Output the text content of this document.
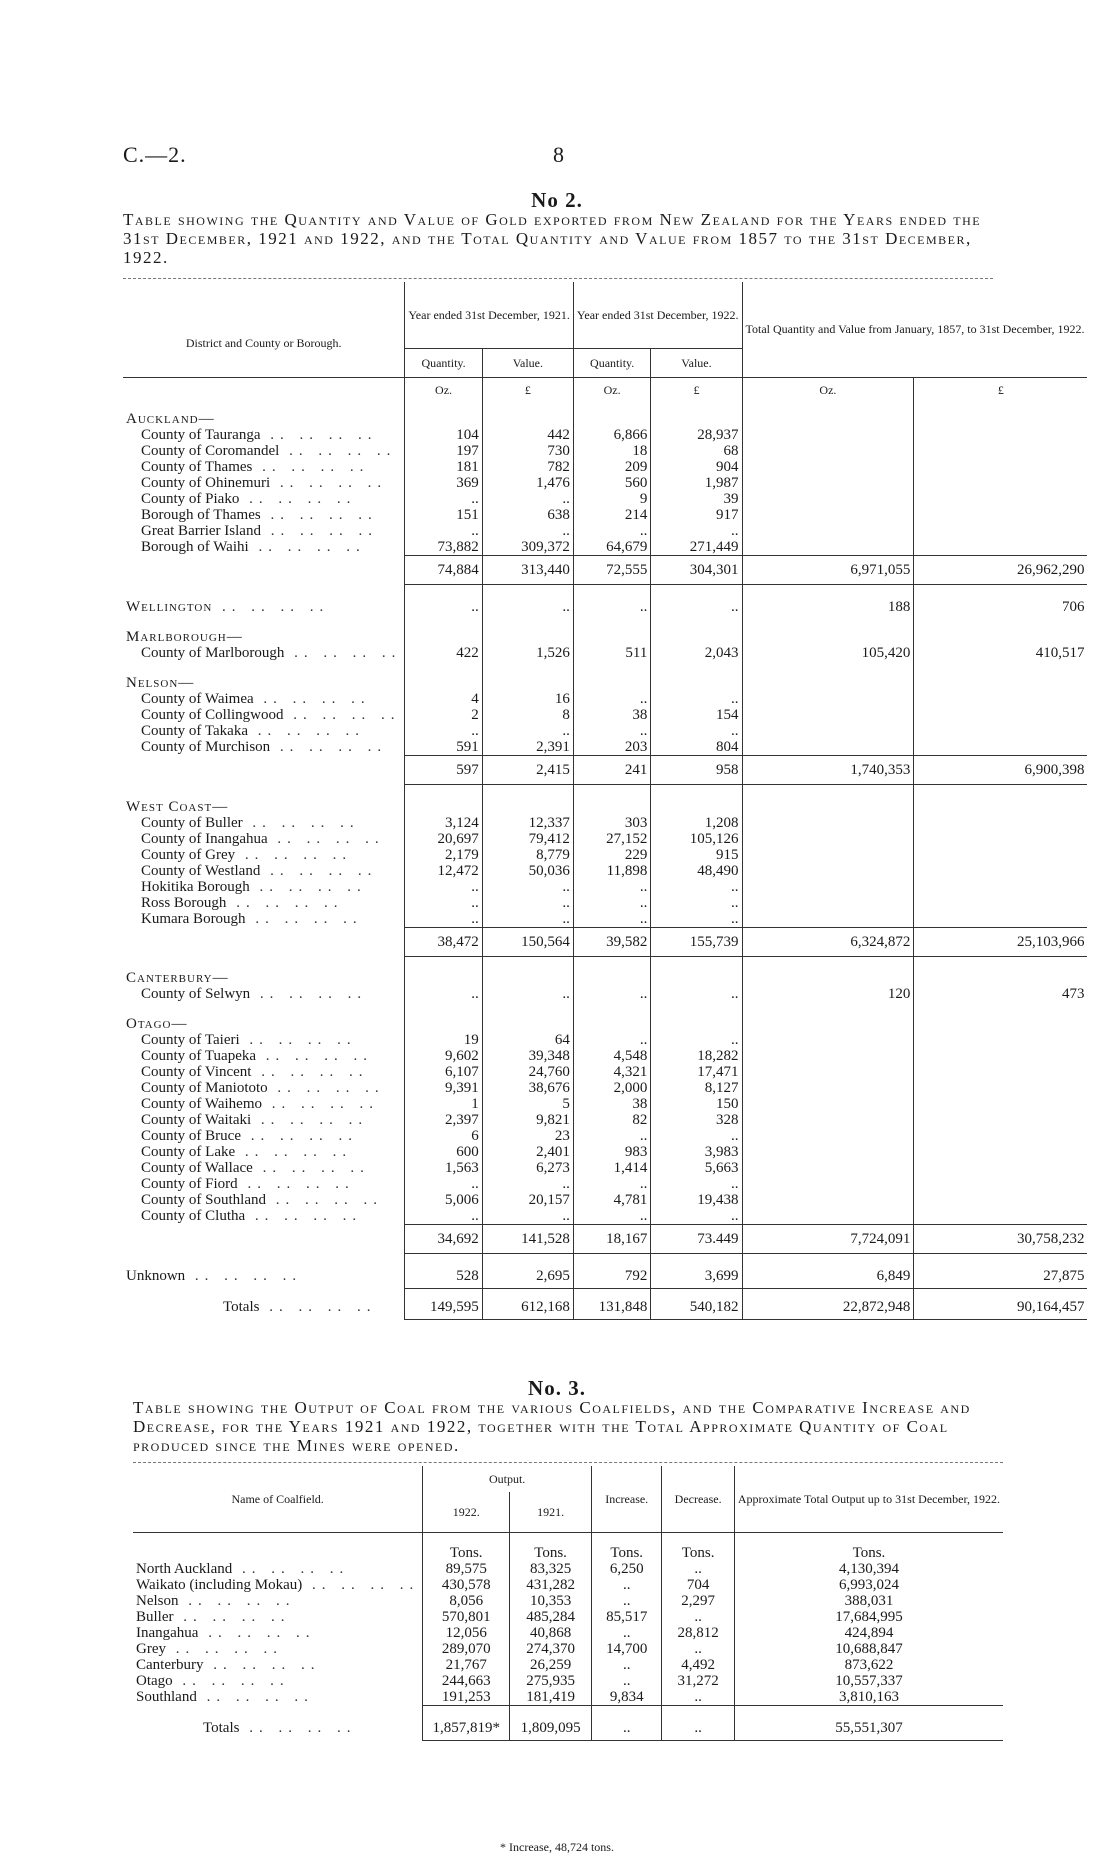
C.—2.	8
No 2.
Table showing the Quantity and Value of Gold exported from New Zealand for the Years ended the 31st December, 1921 and 1922, and the Total Quantity and Value from 1857 to the 31st December, 1922.
District and County or Borough.	Year ended 31st December, 1921.		Year ended 31st December, 1922.		Total Quantity and Value from January, 1857, to 31st December, 1922.	
	Quantity.	Value.	Quantity.	Value.		
	Oz.	£	Oz.	£	Oz.	£
Auckland—						
County of Tauranga .. .. .. ..	104	442	6,866	28,937		
County of Coromandel .. .. .. ..	197	730	18	68		
County of Thames .. .. .. ..	181	782	209	904		
County of Ohinemuri .. .. .. ..	369	1,476	560	1,987		
County of Piako .. .. .. ..	..	..	9	39		
Borough of Thames .. .. .. ..	151	638	214	917		
Great Barrier Island .. .. .. ..	..	..	..	..		
Borough of Waihi .. .. .. ..	73,882	309,372	64,679	271,449		
	74,884	313,440	72,555	304,301	6,971,055	26,962,290
Wellington .. .. .. ..	..	..	..	..	188	706
Marlborough—						
County of Marlborough .. .. .. ..	422	1,526	511	2,043	105,420	410,517
Nelson—						
County of Waimea .. .. .. ..	4	16	..	..		
County of Collingwood .. .. .. ..	2	8	38	154		
County of Takaka .. .. .. ..	..	..	..	..		
County of Murchison .. .. .. ..	591	2,391	203	804		
	597	2,415	241	958	1,740,353	6,900,398
West Coast—						
County of Buller .. .. .. ..	3,124	12,337	303	1,208		
County of Inangahua .. .. .. ..	20,697	79,412	27,152	105,126		
County of Grey .. .. .. ..	2,179	8,779	229	915		
County of Westland .. .. .. ..	12,472	50,036	11,898	48,490		
Hokitika Borough .. .. .. ..	..	..	..	..		
Ross Borough .. .. .. ..	..	..	..	..		
Kumara Borough .. .. .. ..	..	..	..	..		
	38,472	150,564	39,582	155,739	6,324,872	25,103,966
Canterbury—						
County of Selwyn .. .. .. ..	..	..	..	..	120	473
Otago—						
County of Taieri .. .. .. ..	19	64	..	..		
County of Tuapeka .. .. .. ..	9,602	39,348	4,548	18,282		
County of Vincent .. .. .. ..	6,107	24,760	4,321	17,471		
County of Maniototo .. .. .. ..	9,391	38,676	2,000	8,127		
County of Waihemo .. .. .. ..	1	5	38	150		
County of Waitaki .. .. .. ..	2,397	9,821	82	328		
County of Bruce .. .. .. ..	6	23	..	..		
County of Lake .. .. .. ..	600	2,401	983	3,983		
County of Wallace .. .. .. ..	1,563	6,273	1,414	5,663		
County of Fiord .. .. .. ..	..	..	..	..		
County of Southland .. .. .. ..	5,006	20,157	4,781	19,438		
County of Clutha .. .. .. ..	..	..	..	..		
	34,692	141,528	18,167	73.449	7,724,091	30,758,232
Unknown .. .. .. ..	528	2,695	792	3,699	6,849	27,875
Totals .. .. .. ..	149,595	612,168	131,848	540,182	22,872,948	90,164,457
No. 3.
Table showing the Output of Coal from the various Coalfields, and the Comparative Increase and Decrease, for the Years 1921 and 1922, together with the Total Approximate Quantity of Coal produced since the Mines were opened.
Name of Coalfield.	Output.		Increase.	Decrease.	Approximate Total Output up to 31st December, 1922.
	1922.	1921.			
	Tons.	Tons.	Tons.	Tons.	Tons.
North Auckland .. .. .. ..	89,575	83,325	6,250	..	4,130,394
Waikato (including Mokau) .. .. .. ..	430,578	431,282	..	704	6,993,024
Nelson .. .. .. ..	8,056	10,353	..	2,297	388,031
Buller .. .. .. ..	570,801	485,284	85,517	..	17,684,995
Inangahua .. .. .. ..	12,056	40,868	..	28,812	424,894
Grey .. .. .. ..	289,070	274,370	14,700	..	10,688,847
Canterbury .. .. .. ..	21,767	26,259	..	4,492	873,622
Otago .. .. .. ..	244,663	275,935	..	31,272	10,557,337
Southland .. .. .. ..	191,253	181,419	9,834	..	3,810,163
Totals .. .. .. ..	1,857,819*	1,809,095	..	..	55,551,307
* Increase, 48,724 tons.
